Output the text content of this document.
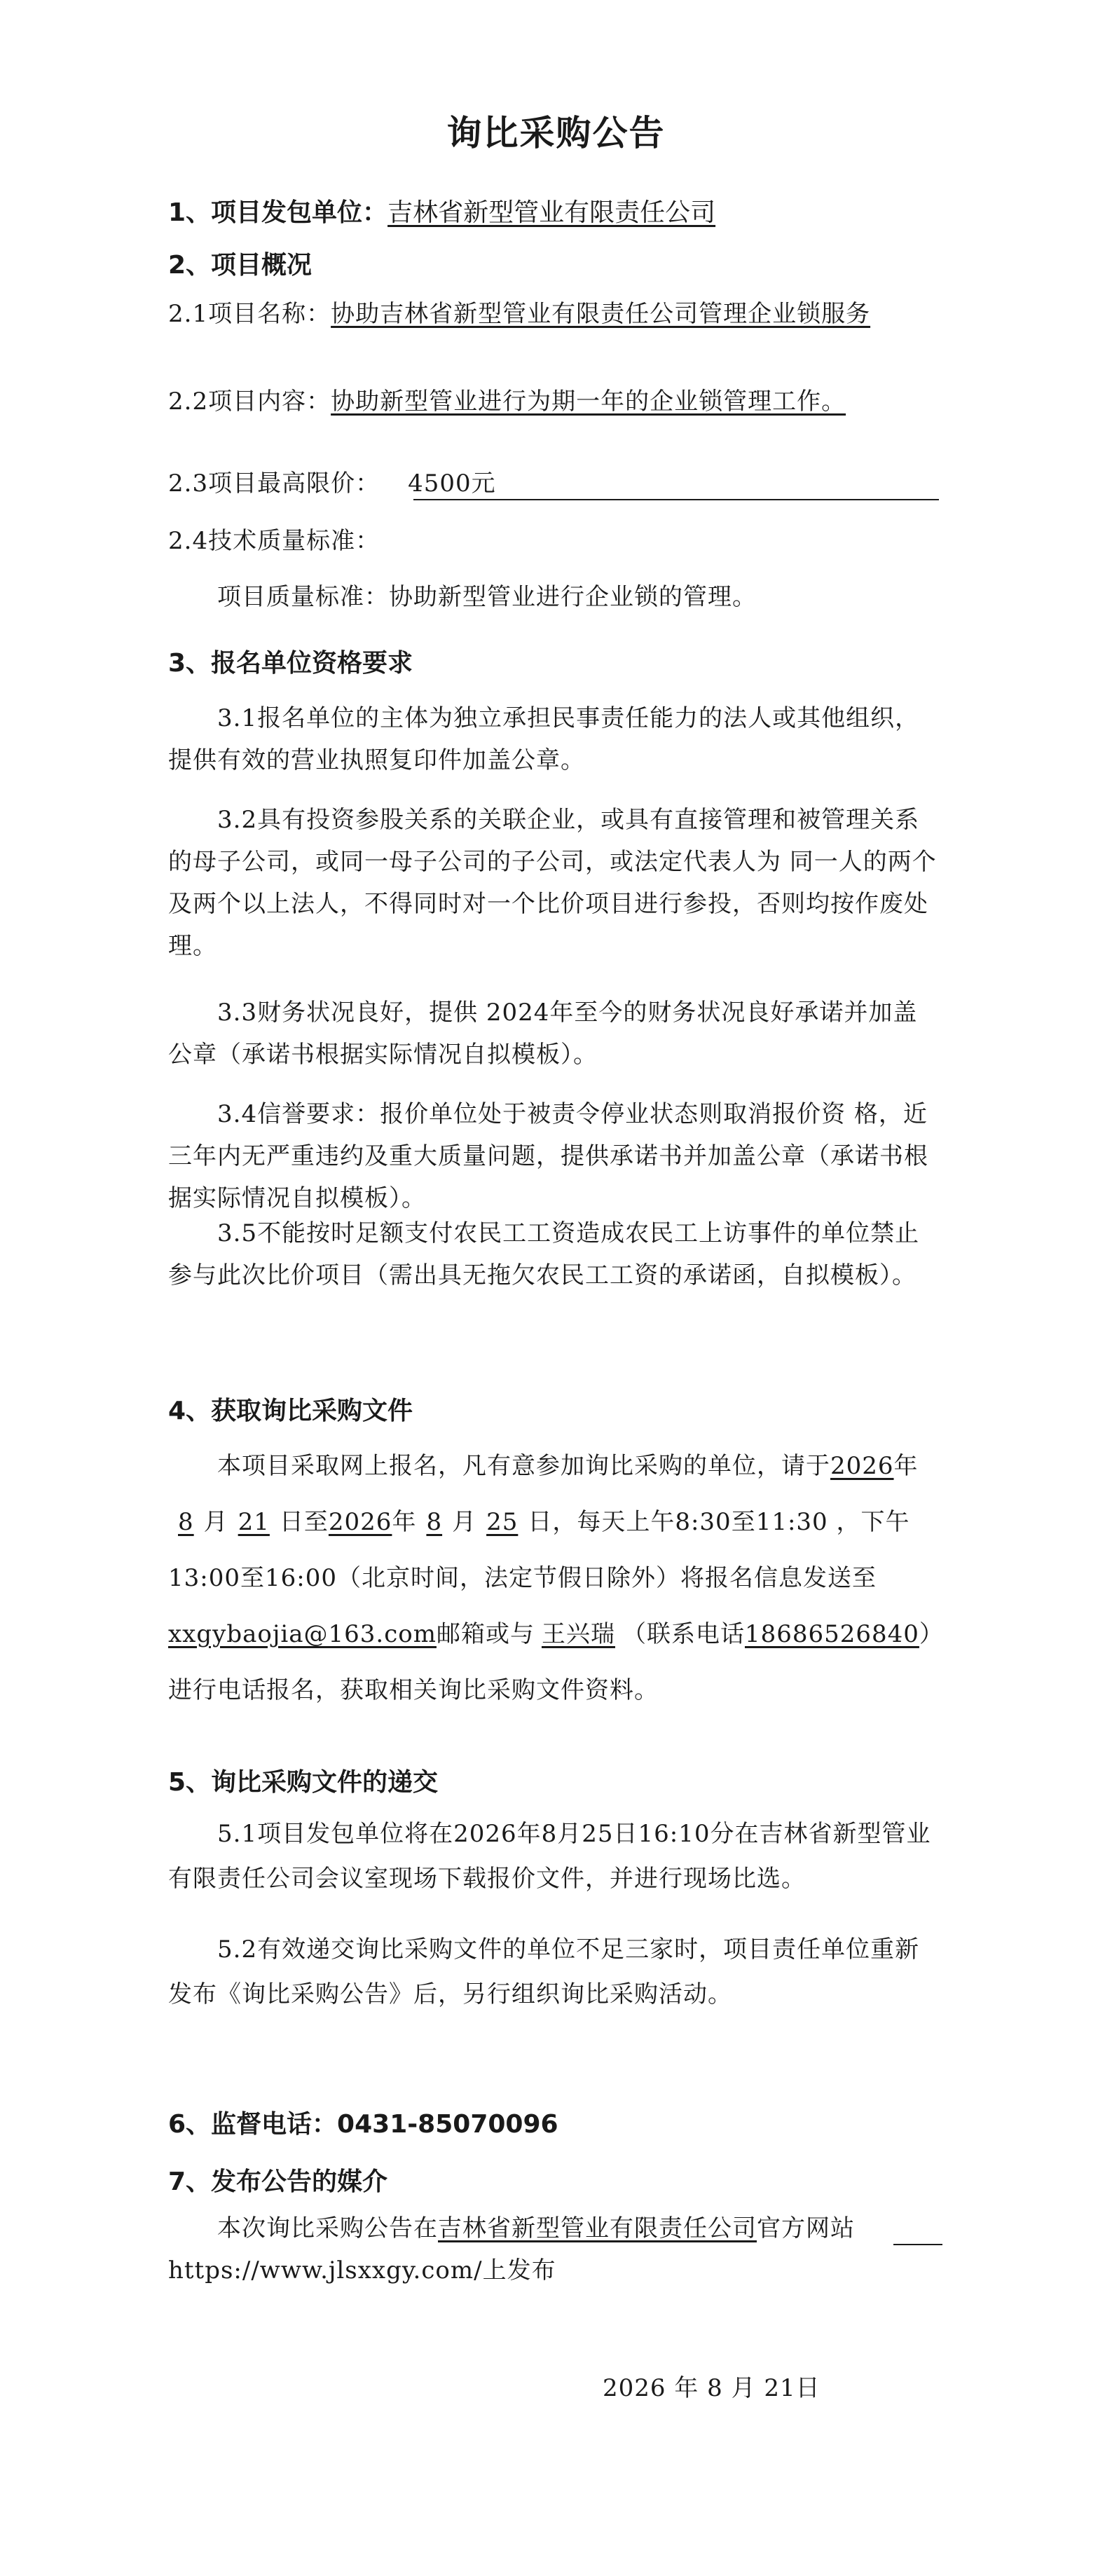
询比采购公告

1、项目发包单位：吉林省新型管业有限责任公司

2、项目概况

2.1项目名称：协助吉林省新型管业有限责任公司管理企业锁服务

2.2项目内容：协助新型管业进行为期一年的企业锁管理工作。

2.3项目最高限价： 4500元

2.4技术质量标准：

项目质量标准：协助新型管业进行企业锁的管理。

3、报名单位资格要求

3.1报名单位的主体为独立承担民事责任能力的法人或其他组织，提供有效的营业执照复印件加盖公章。

3.2具有投资参股关系的关联企业，或具有直接管理和被管理关系的母子公司，或同一母子公司的子公司，或法定代表人为 同一人的两个及两个以上法人，不得同时对一个比价项目进行参投，否则均按作废处理。

3.3财务状况良好，提供 2024年至今的财务状况良好承诺并加盖公章（承诺书根据实际情况自拟模板）。

3.4信誉要求：报价单位处于被责令停业状态则取消报价资 格，近三年内无严重违约及重大质量问题，提供承诺书并加盖公章（承诺书根据实际情况自拟模板）。

3.5不能按时足额支付农民工工资造成农民工上访事件的单位禁止参与此次比价项目（需出具无拖欠农民工工资的承诺函，自拟模板）。

4、获取询比采购文件

本项目采取网上报名，凡有意参加询比采购的单位，请于2026年8 月 21 日至2026年 8 月 25 日，每天上午8:30至11:30 ，下午13:00至16:00（北京时间，法定节假日除外）将报名信息发送至xxgybaojia@163.com邮箱或与 王兴瑞 （联系电话18686526840）进行电话报名，获取相关询比采购文件资料。

5、询比采购文件的递交

5.1项目发包单位将在2026年8月25日16:10分在吉林省新型管业有限责任公司会议室现场下载报价文件，并进行现场比选。

5.2有效递交询比采购文件的单位不足三家时，项目责任单位重新发布《询比采购公告》后，另行组织询比采购活动。

6、监督电话：0431-85070096

7、发布公告的媒介

本次询比采购公告在吉林省新型管业有限责任公司官方网站https://www.jlsxxgy.com/上发布

2026 年 8 月 21日
